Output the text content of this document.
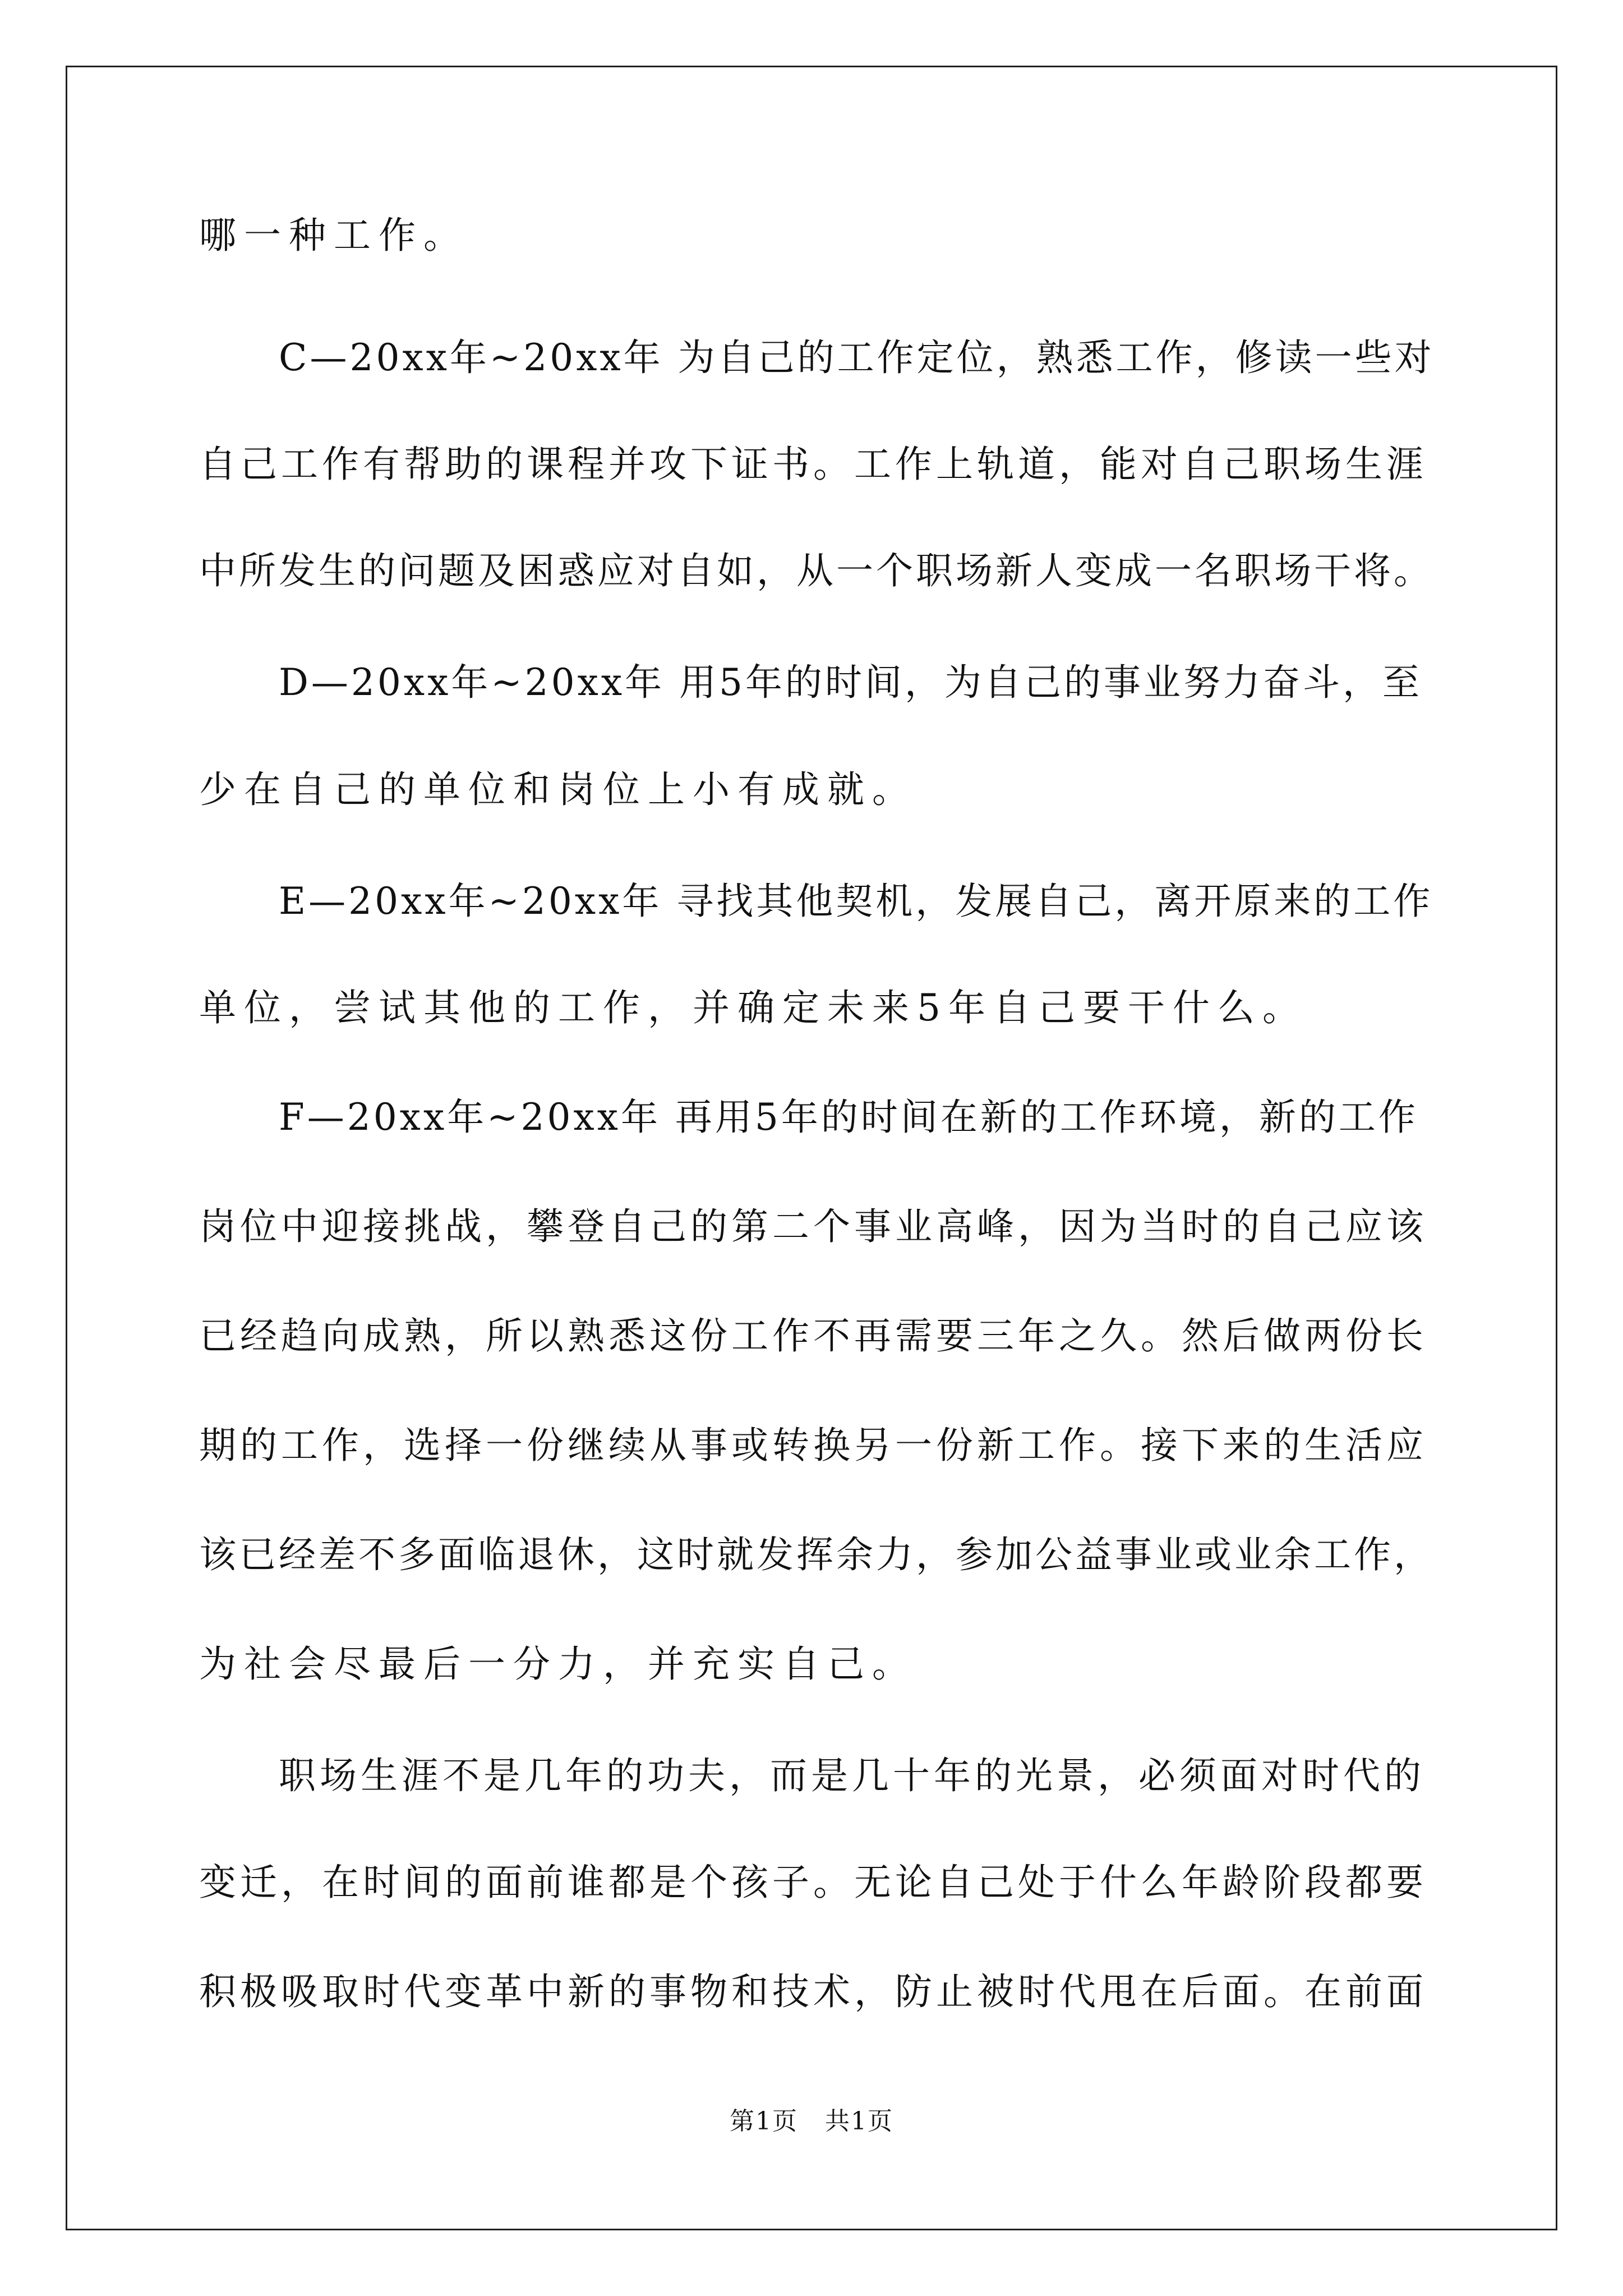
哪一种工作。
C—20xx年~20xx年 为自己的工作定位，熟悉工作，修读一些对
自己工作有帮助的课程并攻下证书。工作上轨道，能对自己职场生涯
中所发生的问题及困惑应对自如，从一个职场新人变成一名职场干将。
D—20xx年~20xx年 用5年的时间，为自己的事业努力奋斗，至
少在自己的单位和岗位上小有成就。
E—20xx年~20xx年 寻找其他契机，发展自己，离开原来的工作
单位，尝试其他的工作，并确定未来5年自己要干什么。
F—20xx年~20xx年 再用5年的时间在新的工作环境，新的工作
岗位中迎接挑战，攀登自己的第二个事业高峰，因为当时的自己应该
已经趋向成熟，所以熟悉这份工作不再需要三年之久。然后做两份长
期的工作，选择一份继续从事或转换另一份新工作。接下来的生活应
该已经差不多面临退休，这时就发挥余力，参加公益事业或业余工作，
为社会尽最后一分力，并充实自己。
职场生涯不是几年的功夫，而是几十年的光景，必须面对时代的
变迁，在时间的面前谁都是个孩子。无论自己处于什么年龄阶段都要
积极吸取时代变革中新的事物和技术，防止被时代甩在后面。在前面
第1页   共1页
